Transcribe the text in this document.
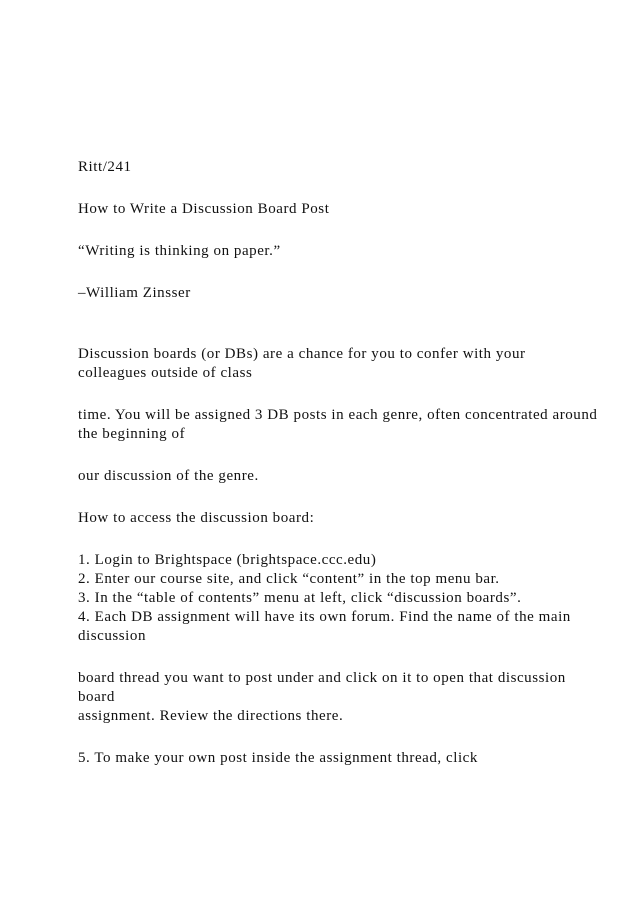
Ritt/241

How to Write a Discussion Board Post

“Writing is thinking on paper.”

–William Zinsser

Discussion boards (or DBs) are a chance for you to confer with your colleagues outside of class

time. You will be assigned 3 DB posts in each genre, often concentrated around the beginning of

our discussion of the genre.

How to access the discussion board:

1. Login to Brightspace (brightspace.ccc.edu)

2. Enter our course site, and click “content” in the top menu bar.

3. In the “table of contents” menu at left, click “discussion boards”.

4. Each DB assignment will have its own forum. Find the name of the main discussion

board thread you want to post under and click on it to open that discussion board

assignment. Review the directions there.

5. To make your own post inside the assignment thread, click
